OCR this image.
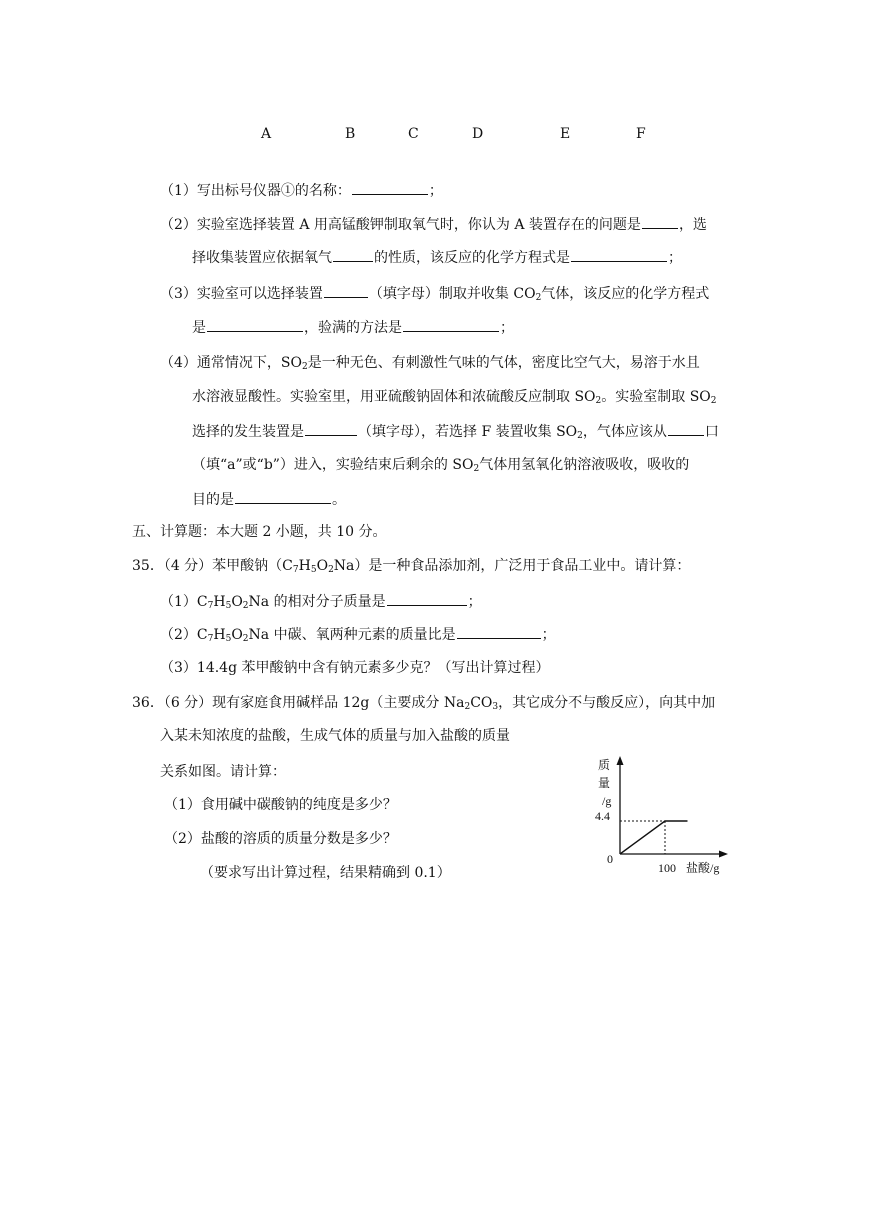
A	B	C	D	E	F
（1）写出标号仪器①的名称：	；
（2）实验室选择装置 A 用高锰酸钾制取氧气时，你认为 A 装置存在的问题是	，选
择收集装置应依据氧气	的性质，该反应的化学方程式是	；
（3）实验室可以选择装置	（填字母）制取并收集 $CO_2$气体，该反应的化学方程式
是	，验满的方法是	；
（4）通常情况下，$SO_2$是一种无色、有刺激性气味的气体，密度比空气大，易溶于水且
水溶液显酸性。实验室里，用亚硫酸钠固体和浓硫酸反应制取 $SO_2$。实验室制取 $SO_2$
选择的发生装置是	（填字母），若选择 F 装置收集 $SO_2$，气体应该从	口
（填“a”或“b”）进入，实验结束后剩余的 $SO_2$气体用氢氧化钠溶液吸收，吸收的
目的是	。
五、计算题：本大题 2 小题，共 10 分。
35．（4 分）苯甲酸钠$(C_7H_5O_2Na)$是一种食品添加剂，广泛用于食品工业中。请计算：
$(1)C_7H_5O_2Na$ 的相对分子质量是	；
$(2)C_7H_5O_2Na$ 中碳、氧两种元素的质量比是	；
（3）14.4g 苯甲酸钠中含有钠元素多少克？（写出计算过程）
36．（6 分）现有家庭食用碱样品 12g（主要成分 $Na_2CO_3$，其它成分不与酸反应），向其中加
入某未知浓度的盐酸，生成气体的质量与加入盐酸的质量
关系如图。请计算：
（1）食用碱中碳酸钠的纯度是多少？
（2）盐酸的溶质的质量分数是多少？
（要求写出计算过程，结果精确到 0.1）
质
量
/g
4.4
0
100 盐酸/g
